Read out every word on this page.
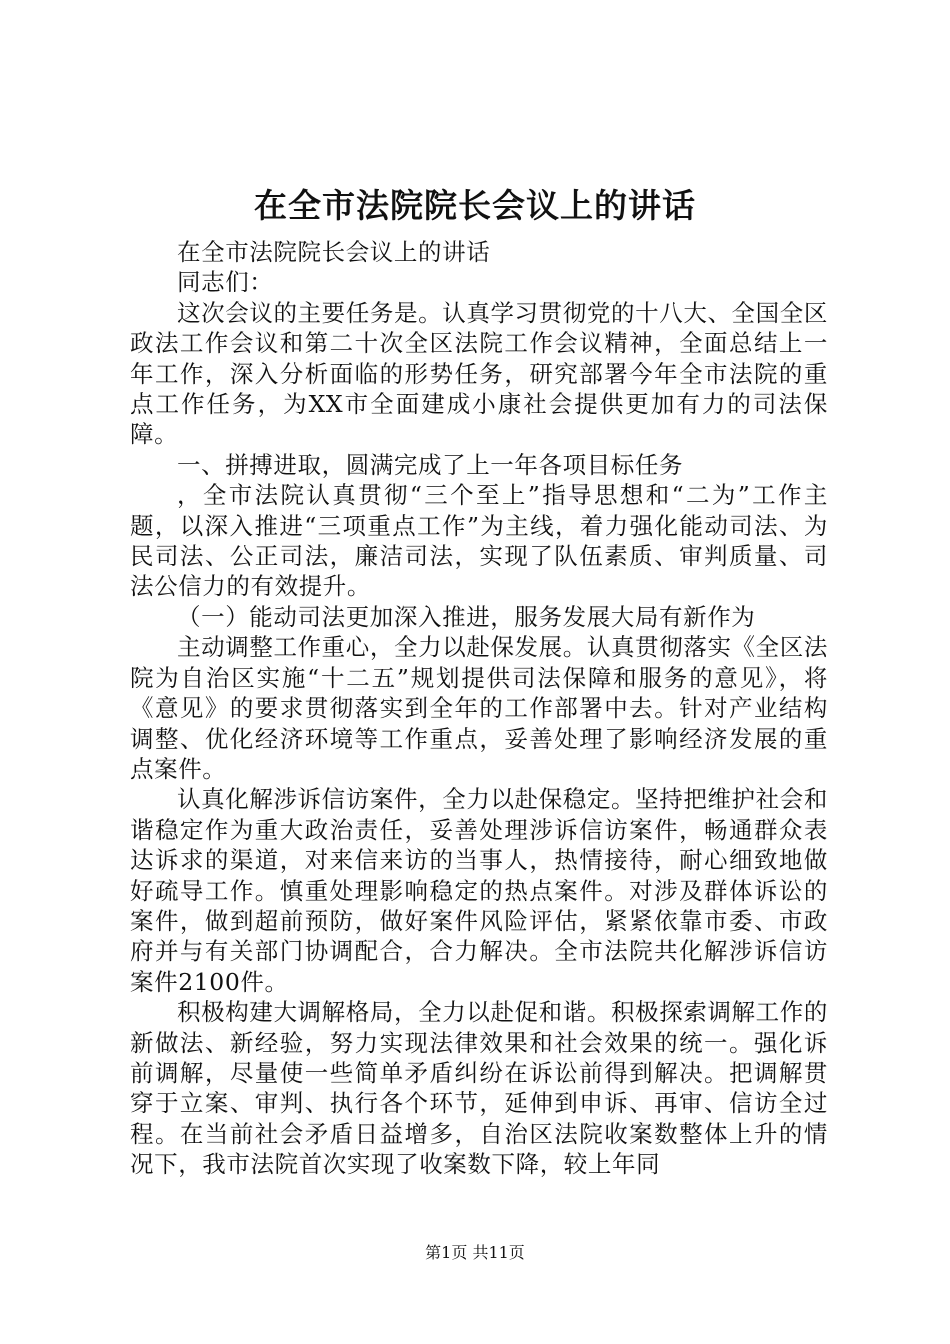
在全市法院院长会议上的讲话

在全市法院院长会议上的讲话

同志们：

这次会议的主要任务是。认真学习贯彻党的十八大、全国全区政法工作会议和第二十次全区法院工作会议精神，全面总结上一年工作，深入分析面临的形势任务，研究部署今年全市法院的重点工作任务，为XX市全面建成小康社会提供更加有力的司法保障。

一、拼搏进取，圆满完成了上一年各项目标任务

，全市法院认真贯彻“三个至上”指导思想和“二为”工作主题，以深入推进“三项重点工作”为主线，着力强化能动司法、为民司法、公正司法，廉洁司法，实现了队伍素质、审判质量、司法公信力的有效提升。

（一）能动司法更加深入推进，服务发展大局有新作为

主动调整工作重心，全力以赴保发展。认真贯彻落实《全区法院为自治区实施“十二五”规划提供司法保障和服务的意见》，将《意见》的要求贯彻落实到全年的工作部署中去。针对产业结构调整、优化经济环境等工作重点，妥善处理了影响经济发展的重点案件。

认真化解涉诉信访案件，全力以赴保稳定。坚持把维护社会和谐稳定作为重大政治责任，妥善处理涉诉信访案件，畅通群众表达诉求的渠道，对来信来访的当事人，热情接待，耐心细致地做好疏导工作。慎重处理影响稳定的热点案件。对涉及群体诉讼的案件，做到超前预防，做好案件风险评估，紧紧依靠市委、市政府并与有关部门协调配合，合力解决。全市法院共化解涉诉信访案件2100件。

积极构建大调解格局，全力以赴促和谐。积极探索调解工作的新做法、新经验，努力实现法律效果和社会效果的统一。强化诉前调解，尽量使一些简单矛盾纠纷在诉讼前得到解决。把调解贯穿于立案、审判、执行各个环节，延伸到申诉、再审、信访全过程。在当前社会矛盾日益增多，自治区法院收案数整体上升的情况下，我市法院首次实现了收案数下降，较上年同

第1页 共11页
